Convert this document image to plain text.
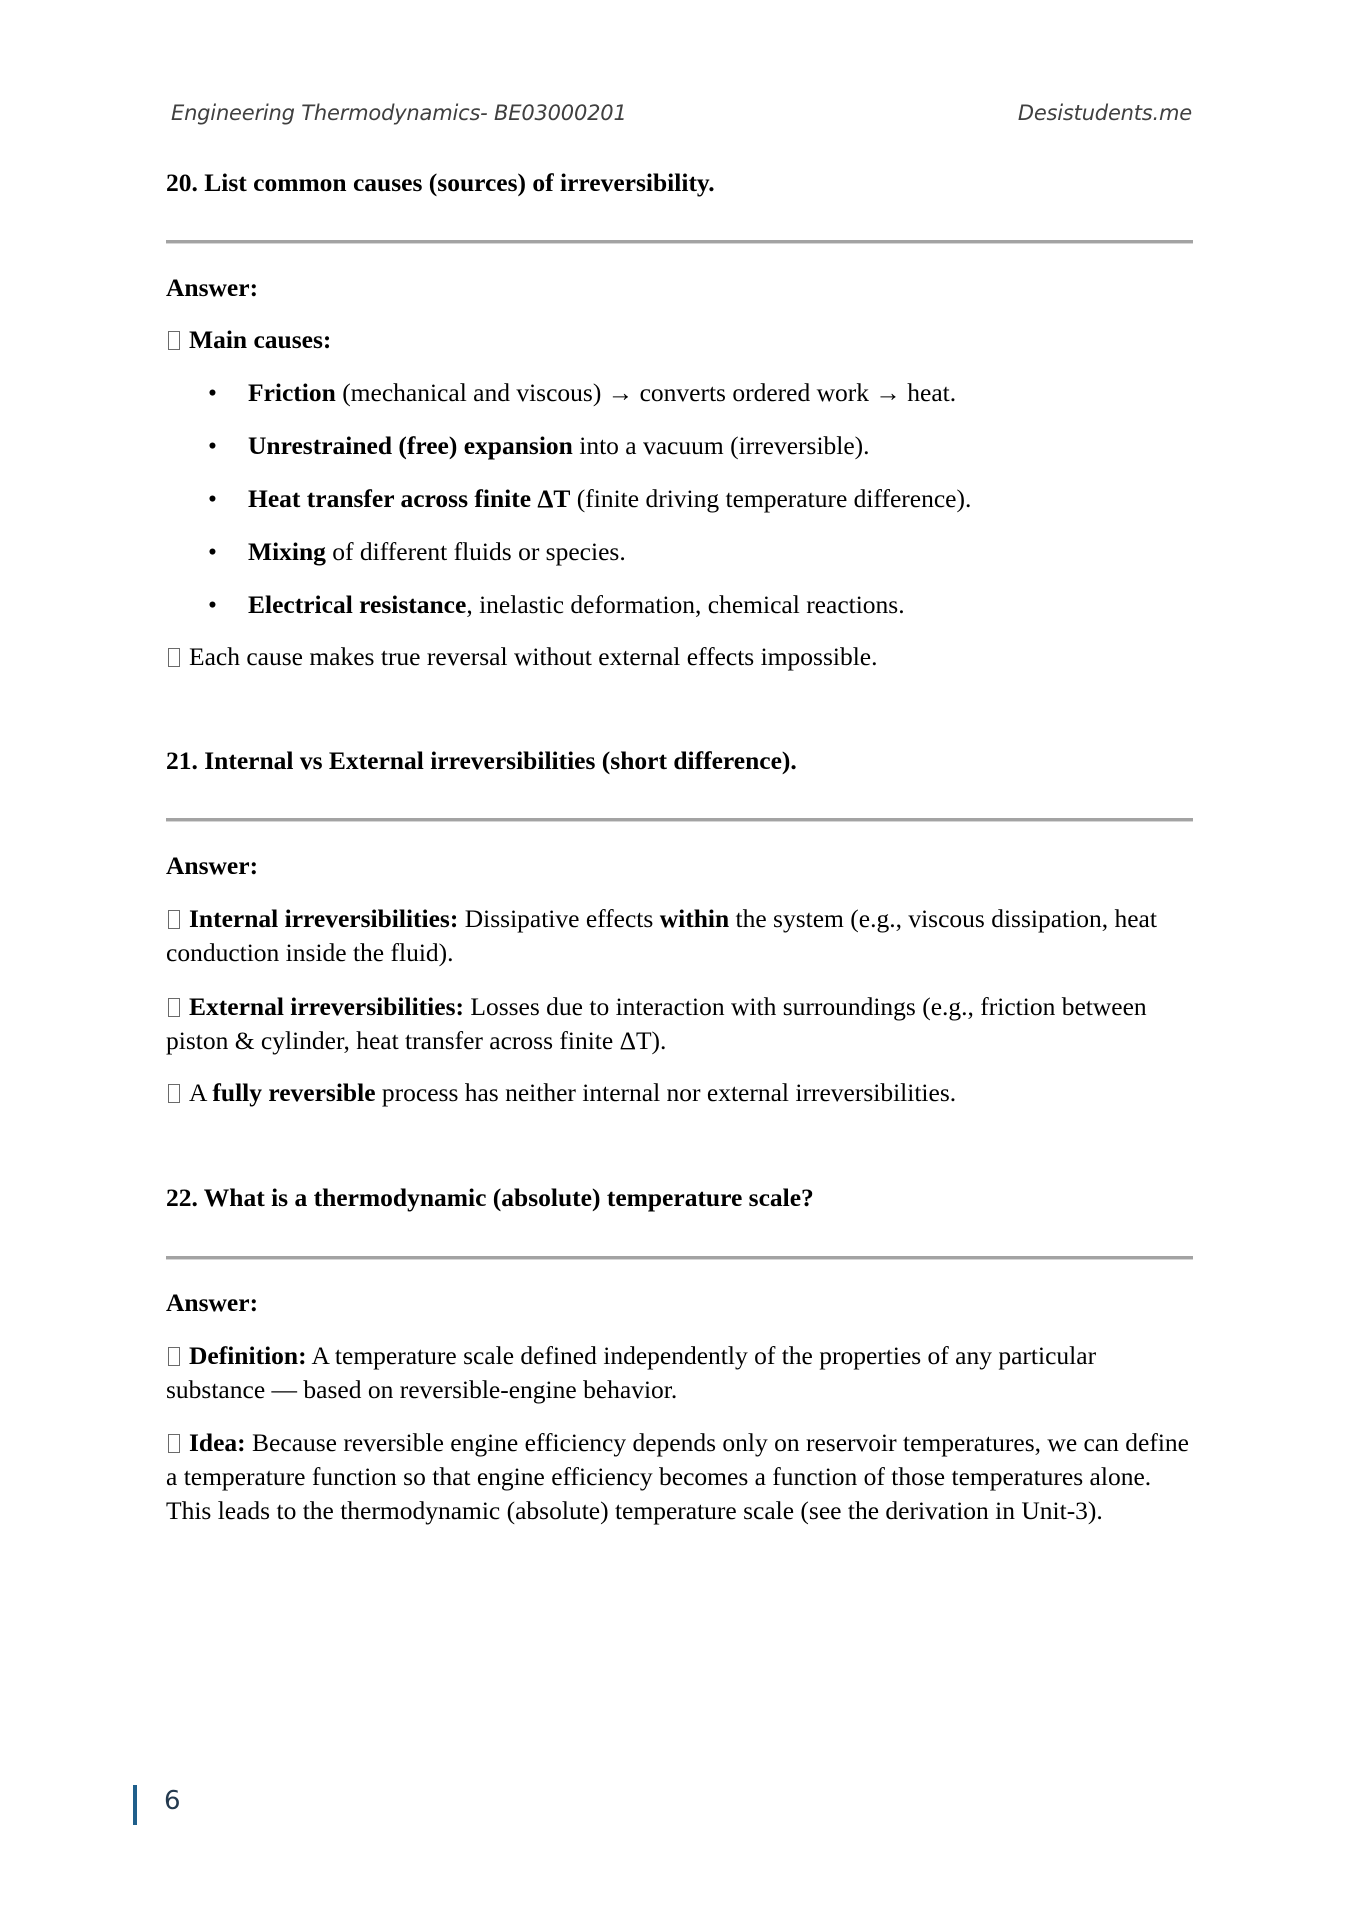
Engineering Thermodynamics- BE03000201	Desistudents.me
20. List common causes (sources) of irreversibility.
Answer:
Main causes:
• Friction (mechanical and viscous) → converts ordered work → heat.
• Unrestrained (free) expansion into a vacuum (irreversible).
• Heat transfer across finite ΔT (finite driving temperature difference).
• Mixing of different fluids or species.
• Electrical resistance, inelastic deformation, chemical reactions.
Each cause makes true reversal without external effects impossible.
21. Internal vs External irreversibilities (short difference).
Answer:
Internal irreversibilities: Dissipative effects within the system (e.g., viscous dissipation, heat conduction inside the fluid).
External irreversibilities: Losses due to interaction with surroundings (e.g., friction between piston & cylinder, heat transfer across finite ΔT).
A fully reversible process has neither internal nor external irreversibilities.
22. What is a thermodynamic (absolute) temperature scale?
Answer:
Definition: A temperature scale defined independently of the properties of any particular substance — based on reversible-engine behavior.
Idea: Because reversible engine efficiency depends only on reservoir temperatures, we can define a temperature function so that engine efficiency becomes a function of those temperatures alone. This leads to the thermodynamic (absolute) temperature scale (see the derivation in Unit-3).
6
